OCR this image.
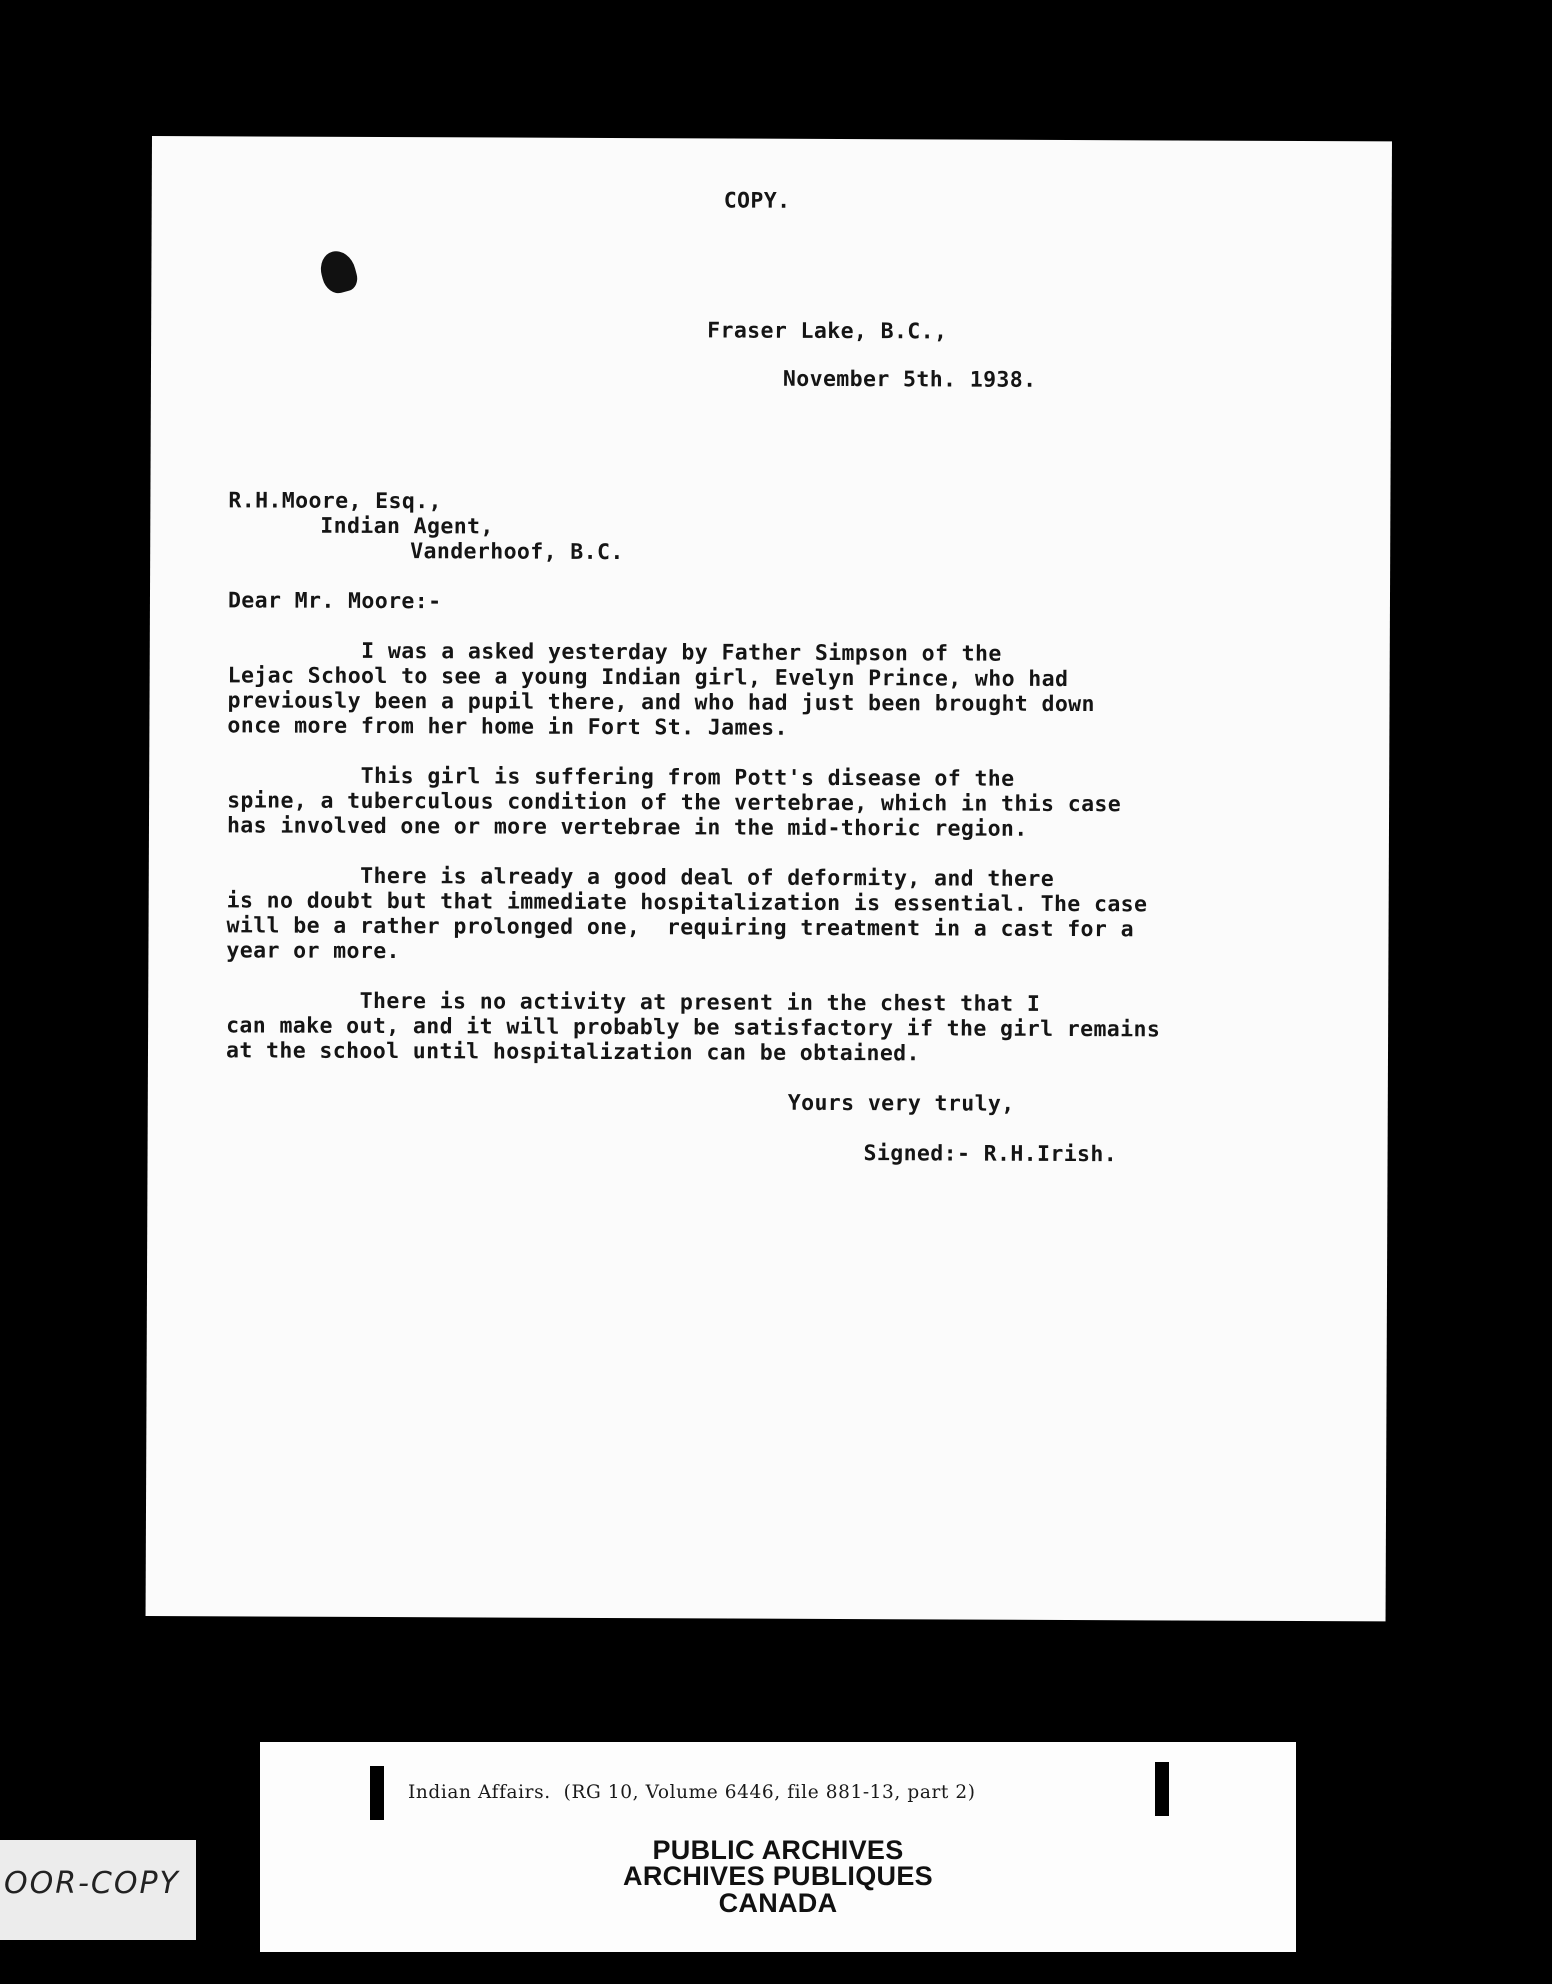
COPY.
Fraser Lake, B.C.,
November 5th. 1938.
R.H.Moore, Esq.,
Indian Agent,
Vanderhoof, B.C.
Dear Mr. Moore:-
I was a asked yesterday by Father Simpson of the
Lejac School to see a young Indian girl, Evelyn Prince, who had
previously been a pupil there, and who had just been brought down
once more from her home in Fort St. James.
This girl is suffering from Pott's disease of the
spine, a tuberculous condition of the vertebrae, which in this case
has involved one or more vertebrae in the mid-thoric region.
There is already a good deal of deformity, and there
is no doubt but that immediate hospitalization is essential. The case
will be a rather prolonged one,  requiring treatment in a cast for a
year or more.
There is no activity at present in the chest that I
can make out, and it will probably be satisfactory if the girl remains
at the school until hospitalization can be obtained.
Yours very truly,
Signed:- R.H.Irish.
Indian Affairs.  (RG 10, Volume 6446, file 881-13, part 2)
PUBLIC ARCHIVES
ARCHIVES PUBLIQUES
CANADA
OOR-COPY
